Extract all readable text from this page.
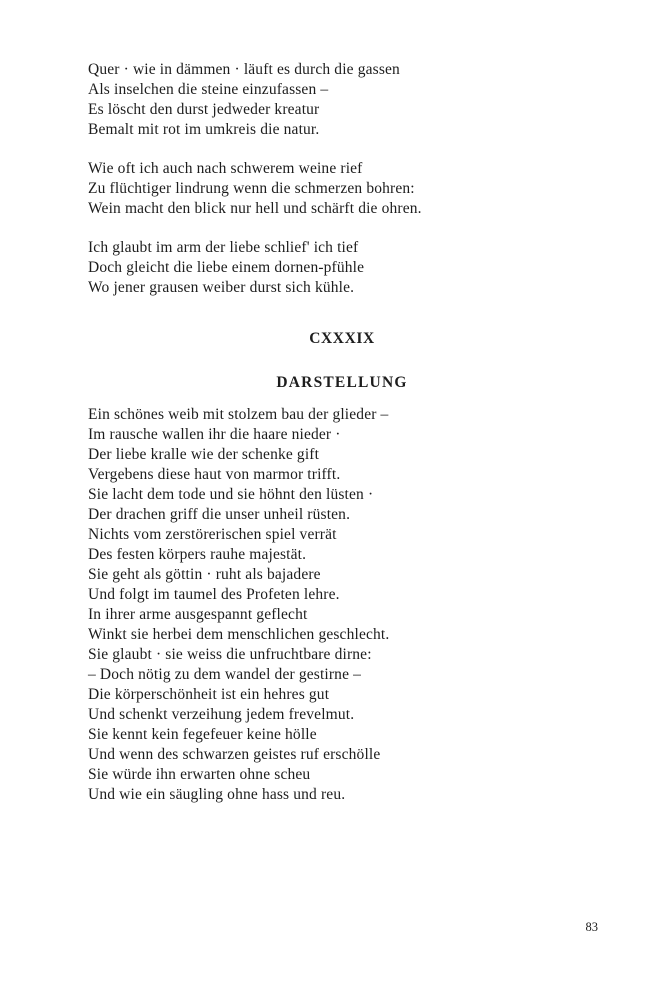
Quer · wie in dämmen · läuft es durch die gassen
Als inselchen die steine einzufassen –
Es löscht den durst jedweder kreatur
Bemalt mit rot im umkreis die natur.
Wie oft ich auch nach schwerem weine rief
Zu flüchtiger lindrung wenn die schmerzen bohren:
Wein macht den blick nur hell und schärft die ohren.
Ich glaubt im arm der liebe schlief' ich tief
Doch gleicht die liebe einem dornen-pfühle
Wo jener grausen weiber durst sich kühle.
CXXXIX
DARSTELLUNG
Ein schönes weib mit stolzem bau der glieder –
Im rausche wallen ihr die haare nieder ·
Der liebe kralle wie der schenke gift
Vergebens diese haut von marmor trifft.
Sie lacht dem tode und sie höhnt den lüsten ·
Der drachen griff die unser unheil rüsten.
Nichts vom zerstörerischen spiel verrät
Des festen körpers rauhe majestät.
Sie geht als göttin · ruht als bajadere
Und folgt im taumel des Profeten lehre.
In ihrer arme ausgespannt geflecht
Winkt sie herbei dem menschlichen geschlecht.
Sie glaubt · sie weiss die unfruchtbare dirne:
– Doch nötig zu dem wandel der gestirne –
Die körperschönheit ist ein hehres gut
Und schenkt verzeihung jedem frevelmut.
Sie kennt kein fegefeuer keine hölle
Und wenn des schwarzen geistes ruf erschölle
Sie würde ihn erwarten ohne scheu
Und wie ein säugling ohne hass und reu.
83
